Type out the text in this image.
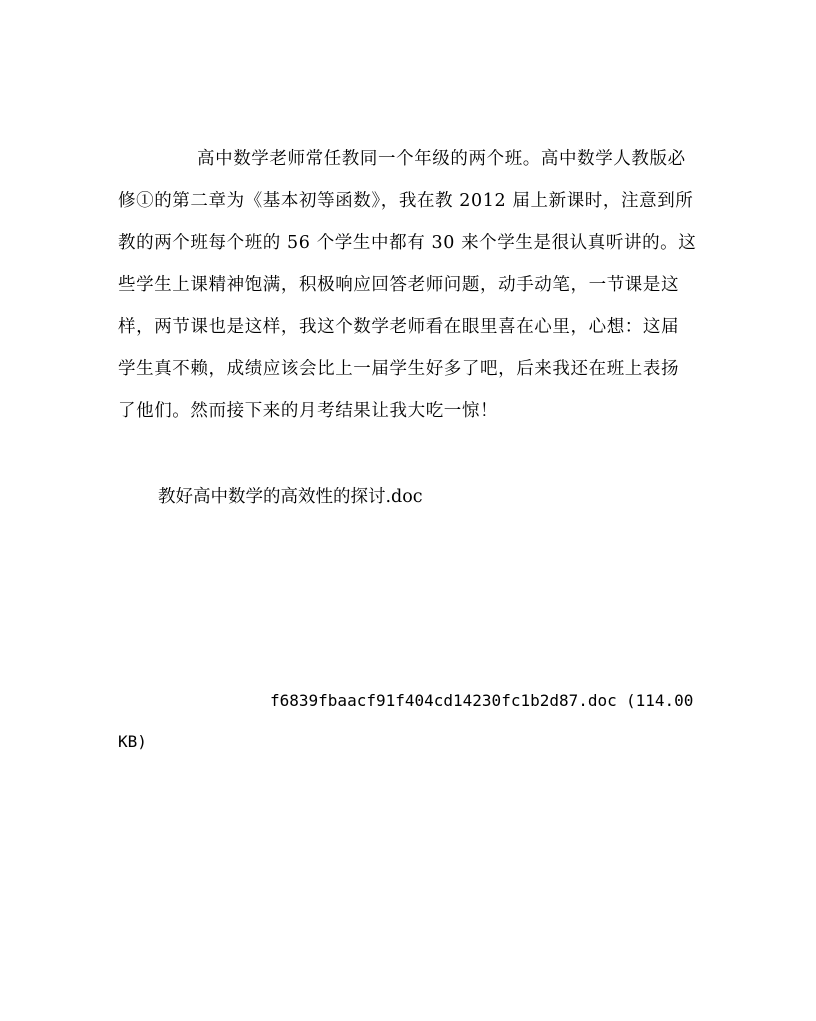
高中数学老师常任教同一个年级的两个班。高中数学人教版必
修①的第二章为《基本初等函数》，我在教 2012 届上新课时，注意到所
教的两个班每个班的 56 个学生中都有 30 来个学生是很认真听讲的。这
些学生上课精神饱满，积极响应回答老师问题，动手动笔，一节课是这
样，两节课也是这样，我这个数学老师看在眼里喜在心里，心想：这届
学生真不赖，成绩应该会比上一届学生好多了吧，后来我还在班上表扬
了他们。然而接下来的月考结果让我大吃一惊！
教好高中数学的高效性的探讨.doc
f6839fbaacf91f404cd14230fc1b2d87.doc (114.00
KB)
